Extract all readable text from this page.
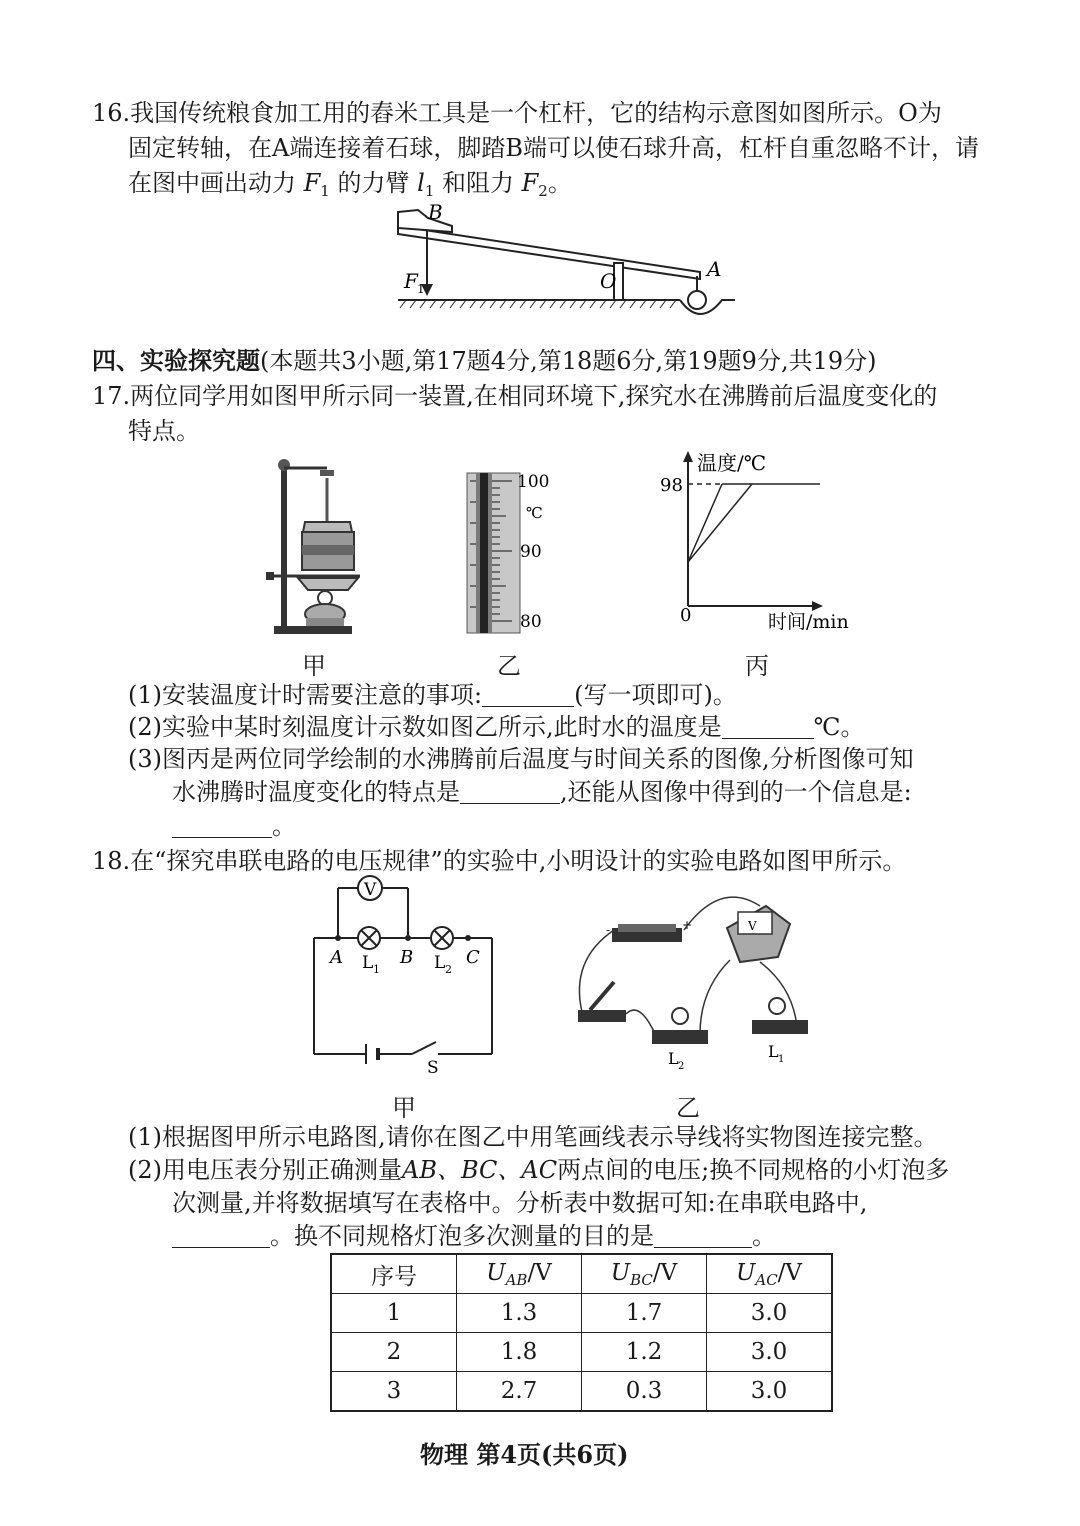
16.我国传统粮食加工用的舂米工具是一个杠杆，它的结构示意图如图所示。O为
固定转轴，在A端连接着石球，脚踏B端可以使石球升高，杠杆自重忽略不计，请
在图中画出动力 $F_1$ 的力臂 $l_1$ 和阻力 $F_2$。
B
O	A
F 1
四、实验探究题(本题共3小题,第17题4分,第18题6分,第19题9分,共19分)
17.两位同学用如图甲所示同一装置,在相同环境下,探究水在沸腾前后温度变化的
特点。
100
℃
90
80
温度/℃
98
0	时间/min
甲	乙	丙
(1)安装温度计时需要注意的事项:	(写一项即可)。
(2)实验中某时刻温度计示数如图乙所示,此时水的温度是	℃。
(3)图丙是两位同学绘制的水沸腾前后温度与时间关系的图像,分析图像可知
水沸腾时温度变化的特点是	,还能从图像中得到的一个信息是:
。
18.在“探究串联电路的电压规律”的实验中,小明设计的实验电路如图甲所示。
V
A	B	C
L 1	L 2
S
-	+	V
L 2
L 1
甲	乙
(1)根据图甲所示电路图,请你在图乙中用笔画线表示导线将实物图连接完整。
(2)用电压表分别正确测量AB、BC、AC两点间的电压;换不同规格的小灯泡多
次测量,并将数据填写在表格中。分析表中数据可知:在串联电路中,
。换不同规格灯泡多次测量的目的是	。
序号	$U_{AB}/V$	$U_{BC}/V$	$U_{AC}/V$
1	1.3	1.7	3.0
2	1.8	1.2	3.0
3	2.7	0.3	3.0
物理 第4页(共6页)
